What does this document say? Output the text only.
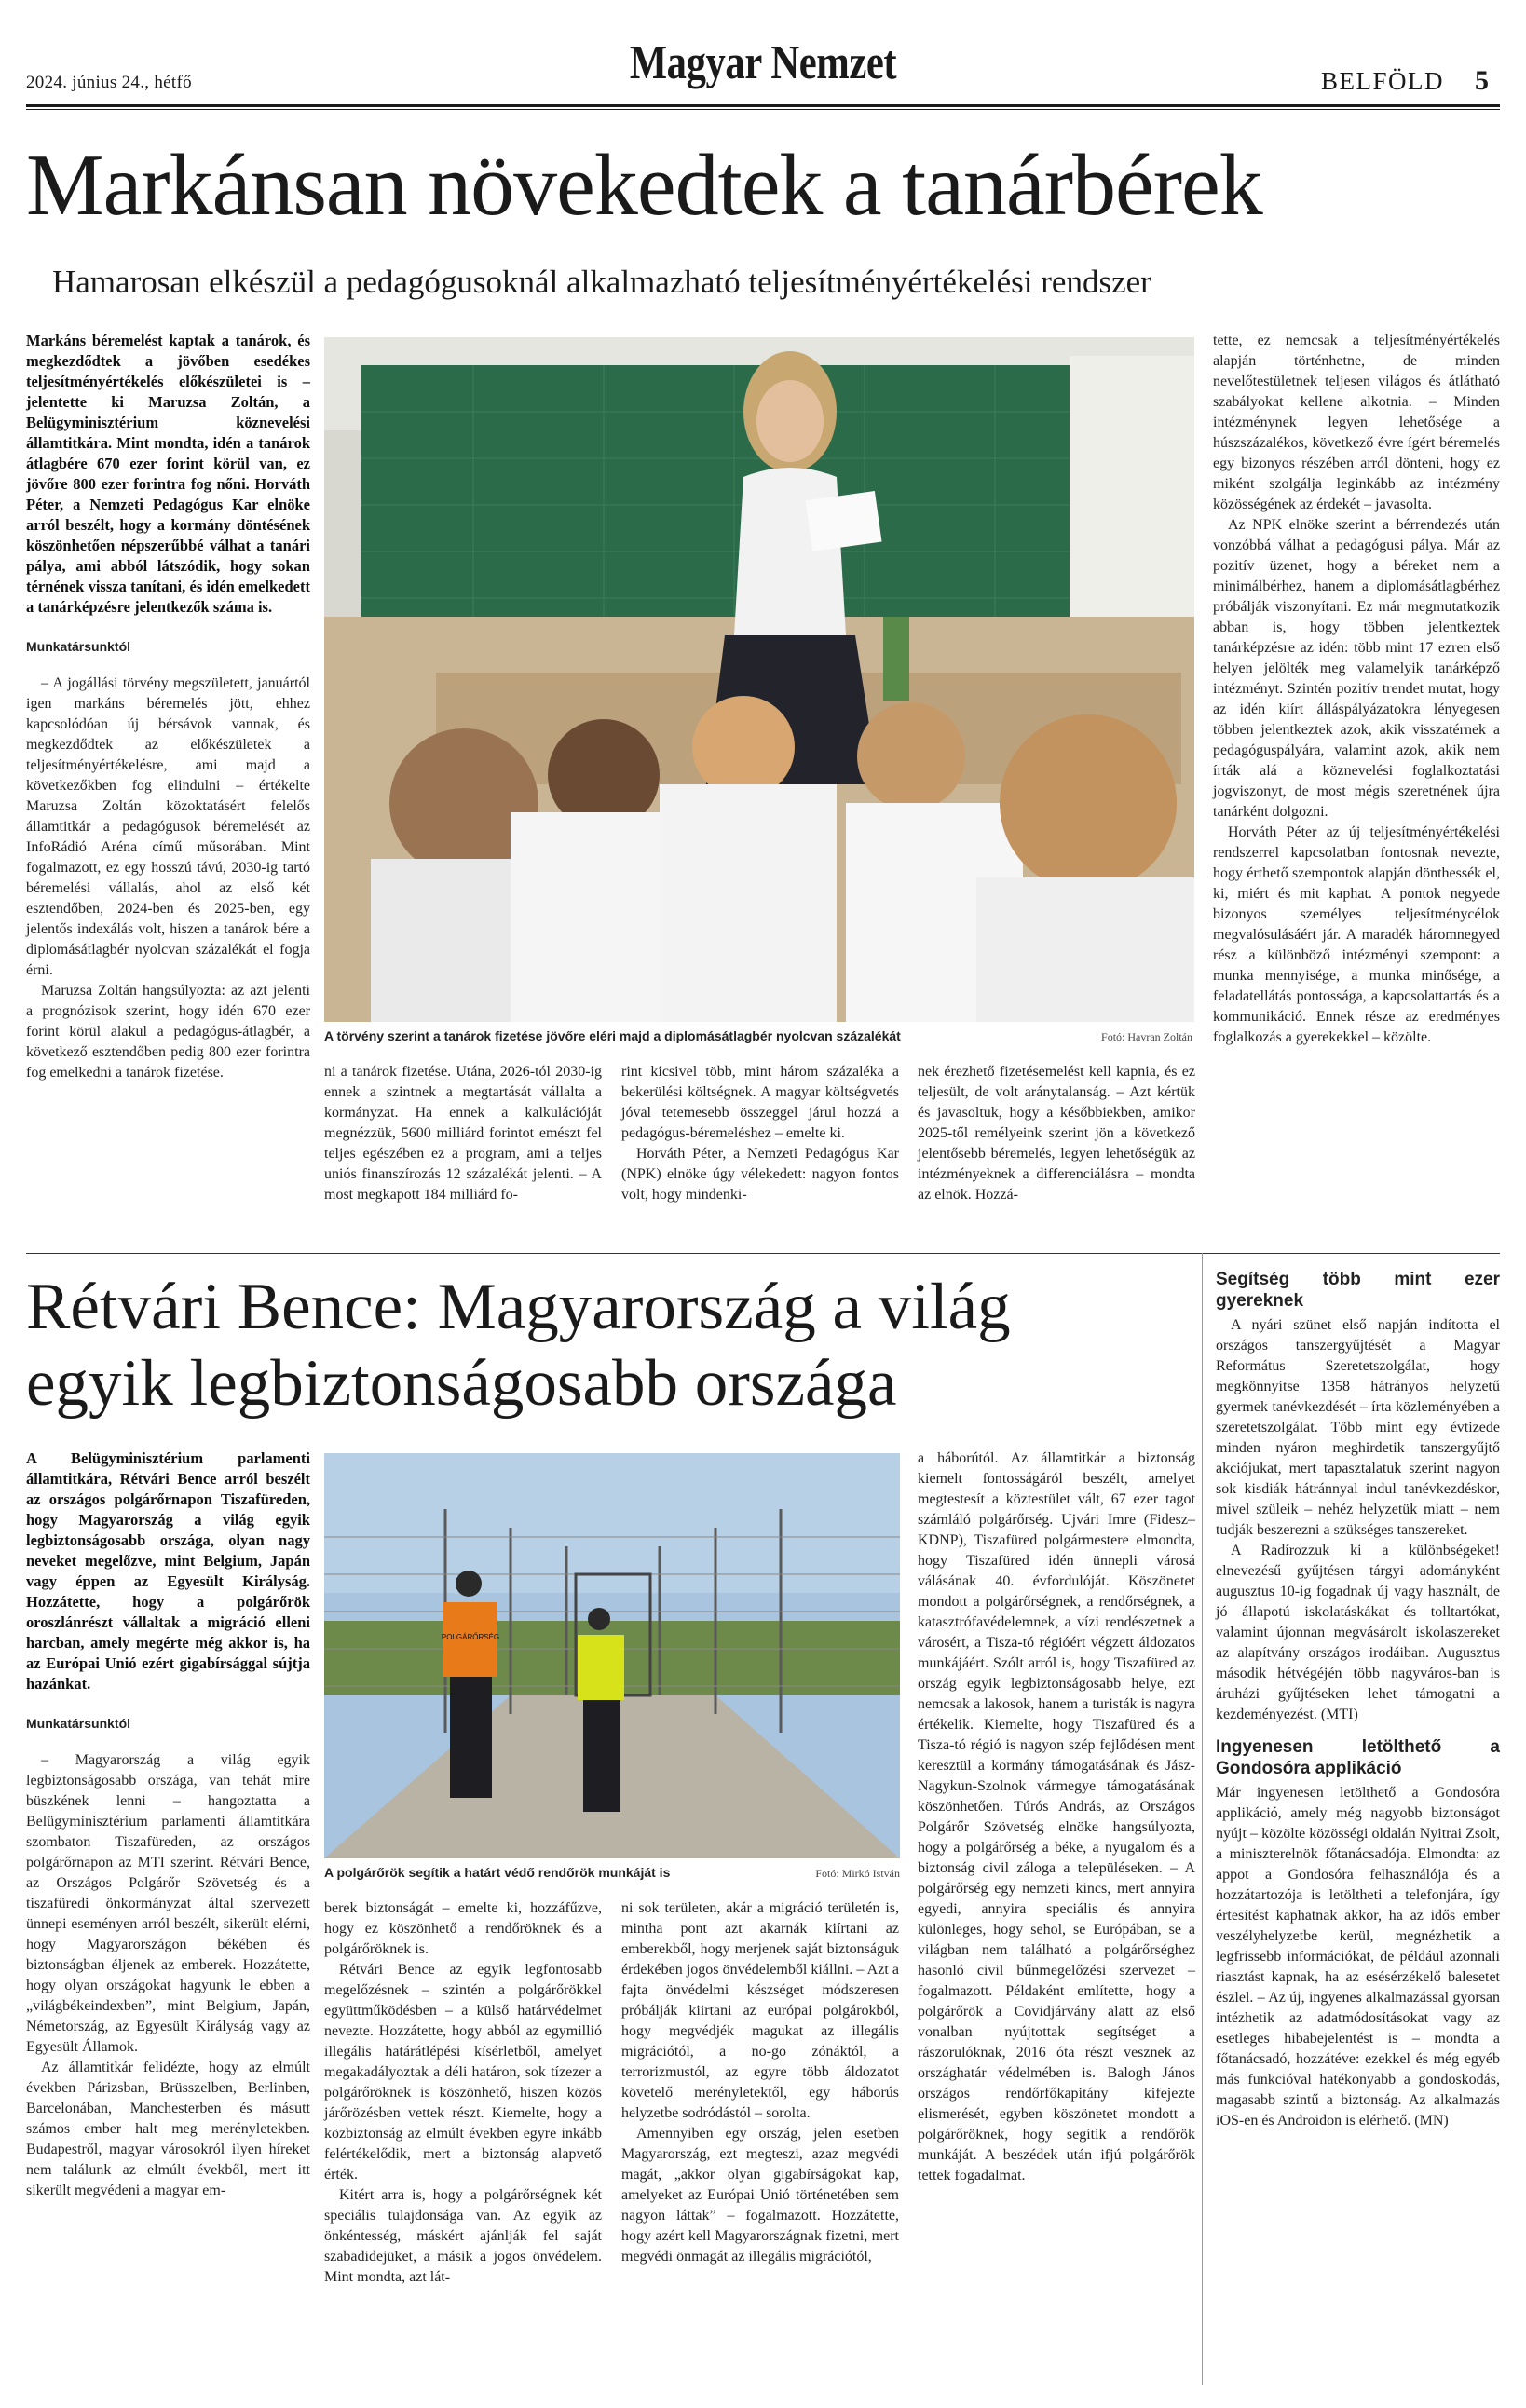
2024. június 24., hétfő	Magyar Nemzet	BELFÖLD 5
Markánsan növekedtek a tanárbérek
Hamarosan elkészül a pedagógusoknál alkalmazható teljesítményértékelési rendszer
Markáns béremelést kaptak a tanárok, és megkezdődtek a jövőben esedékes teljesítményértékelés előkészületei is – jelentette ki Maruzsa Zoltán, a Belügyminisztérium köznevelési államtitkára. Mint mondta, idén a tanárok átlagbére 670 ezer forint körül van, ez jövőre 800 ezer forintra fog nőni. Horváth Péter, a Nemzeti Pedagógus Kar elnöke arról beszélt, hogy a kormány döntésének köszönhetően népszerűbbé válhat a tanári pálya, ami abból látszódik, hogy sokan térnének vissza tanítani, és idén emelkedett a tanárképzésre jelentkezők száma is.
Munkatársunktól

– A jogállási törvény megszületett, januártól igen markáns béremelés jött, ehhez kapcsolódóan új bérsávok vannak, és megkezdődtek az előkészületek a teljesítményértékelésre, ami majd a következőkben fog elindulni – értékelte Maruzsa Zoltán közoktatásért felelős államtitkár a pedagógusok béremelését az InfoRádió Aréna című műsorában. Mint fogalmazott, ez egy hosszú távú, 2030-ig tartó béremelési vállalás, ahol az első két esztendőben, 2024-ben és 2025-ben, egy jelentős indexálás volt, hiszen a tanárok bére a diplomásátlagbér nyolcvan százalékát el fogja érni.

Maruzsa Zoltán hangsúlyozta: az azt jelenti a prognózisok szerint, hogy idén 670 ezer forint körül alakul a pedagógus-átlagbér, a következő esztendőben pedig 800 ezer forintra fog emelkedni a tanárok fizetése.

A törvény szerint a tanárok fizetése jövőre eléri majd a diplomásátlagbér nyolcvan százalékát	Fotó: Havran Zoltán

ni a tanárok fizetése. Utána, 2026-tól 2030-ig ennek a szintnek a megtartását vállalta a kormányzat. Ha ennek a kalkulációját megnézzük, 5600 milliárd forintot emészt fel teljes egészében ez a program, ami a teljes uniós finanszírozás 12 százalékát jelenti. – A most megkapott 184 milliárd fo-

rint kicsivel több, mint három százaléka a bekerülési költségnek. A magyar költségvetés jóval tetemesebb összeggel járul hozzá a pedagógus-béremeléshez – emelte ki.

Horváth Péter, a Nemzeti Pedagógus Kar (NPK) elnöke úgy vélekedett: nagyon fontos volt, hogy mindenki-

nek érezhető fizetésemelést kell kapnia, és ez teljesült, de volt aránytalanság. – Azt kértük és javasoltuk, hogy a későbbiekben, amikor 2025-től remélyeink szerint jön a következő jelentősebb béremelés, legyen lehetőségük az intézményeknek a differenciálásra – mondta az elnök. Hozzá-

tette, ez nemcsak a teljesítményértékelés alapján történhetne, de minden nevelőtestületnek teljesen világos és átlátható szabályokat kellene alkotnia. – Minden intézménynek legyen lehetősége a húszszázalékos, következő évre ígért béremelés egy bizonyos részében arról dönteni, hogy ez miként szolgálja leginkább az intézmény közösségének az érdekét – javasolta.

Az NPK elnöke szerint a bérrendezés után vonzóbbá válhat a pedagógusi pálya. Már az pozitív üzenet, hogy a béreket nem a minimálbérhez, hanem a diplomásátlagbérhez próbálják viszonyítani. Ez már megmutatkozik abban is, hogy többen jelentkeztek tanárképzésre az idén: több mint 17 ezren első helyen jelölték meg valamelyik tanárképző intézményt. Szintén pozitív trendet mutat, hogy az idén kiírt álláspályázatokra lényegesen többen jelentkeztek azok, akik visszatérnek a pedagóguspályára, valamint azok, akik nem írták alá a köznevelési foglalkoztatási jogviszonyt, de most mégis szeretnének újra tanárként dolgozni.

Horváth Péter az új teljesítményértékelési rendszerrel kapcsolatban fontosnak nevezte, hogy érthető szempontok alapján dönthessék el, ki, miért és mit kaphat. A pontok negyede bizonyos személyes teljesítménycélok megvalósulásáért jár. A maradék háromnegyed rész a különböző intézményi szempont: a munka mennyisége, a munka minősége, a feladatellátás pontossága, a kapcsolattartás és a kommunikáció. Ennek része az eredményes foglalkozás a gyerekekkel – közölte.

Rétvári Bence: Magyarország a világ
egyik legbiztonságosabb országa
A Belügyminisztérium parlamenti államtitkára, Rétvári Bence arról beszélt az országos polgárőrnapon Tiszafüreden, hogy Magyarország a világ egyik legbiztonságosabb országa, olyan nagy neveket megelőzve, mint Belgium, Japán vagy éppen az Egyesült Királyság. Hozzátette, hogy a polgárőrök oroszlánrészt vállaltak a migráció elleni harcban, amely megérte még akkor is, ha az Európai Unió ezért gigabírsággal sújtja hazánkat.
Munkatársunktól

– Magyarország a világ egyik legbiztonságosabb országa, van tehát mire büszkének lenni – hangoztatta a Belügyminisztérium parlamenti államtitkára szombaton Tiszafüreden, az országos polgárőrnapon az MTI szerint. Rétvári Bence, az Országos Polgárőr Szövetség és a tiszafüredi önkormányzat által szervezett ünnepi eseményen arról beszélt, sikerült elérni, hogy Magyarországon békében és biztonságban éljenek az emberek. Hozzátette, hogy olyan országokat hagyunk le ebben a „világbékeindexben”, mint Belgium, Japán, Németország, az Egyesült Királyság vagy az Egyesült Államok.

Az államtitkár felidézte, hogy az elmúlt években Párizsban, Brüsszelben, Berlinben, Barcelonában, Manchesterben és másutt számos ember halt meg merényletekben. Budapestről, magyar városokról ilyen híreket nem találunk az elmúlt évekből, mert itt sikerült megvédeni a magyar em-

POLGÁRŐRSÉG
A polgárőrök segítik a határt védő rendőrök munkáját is	Fotó: Mirkó István

berek biztonságát – emelte ki, hozzáfűzve, hogy ez köszönhető a rendőröknek és a polgárőröknek is.

Rétvári Bence az egyik legfontosabb megelőzésnek – szintén a polgárőrökkel együttműködésben – a külső határvédelmet nevezte. Hozzátette, hogy abból az egymillió illegális határátlépési kísérletből, amelyet megakadályoztak a déli határon, sok tízezer a polgárőröknek is köszönhető, hiszen közös járőrözésben vettek részt. Kiemelte, hogy a közbiztonság az elmúlt években egyre inkább felértékelődik, mert a biztonság alapvető érték.

Kitért arra is, hogy a polgárőrségnek két speciális tulajdonsága van. Az egyik az önkéntesség, máskért ajánlják fel saját szabadidejüket, a másik a jogos önvédelem. Mint mondta, azt lát-

ni sok területen, akár a migráció területén is, mintha pont azt akarnák kiírtani az emberekből, hogy merjenek saját biztonságuk érdekében jogos önvédelemből kiállni. – Azt a fajta önvédelmi készséget módszeresen próbálják kiirtani az európai polgárokból, hogy megvédjék magukat az illegális migrációtól, a no-go zónáktól, a terrorizmustól, az egyre több áldozatot követelő merényletektől, egy háborús helyzetbe sodródástól – sorolta.

Amennyiben egy ország, jelen esetben Magyarország, ezt megteszi, azaz megvédi magát, „akkor olyan gigabírságokat kap, amelyeket az Európai Unió történetében sem nagyon láttak” – fogalmazott. Hozzátette, hogy azért kell Magyarországnak fizetni, mert megvédi önmagát az illegális migrációtól,

a háborútól. Az államtitkár a biztonság kiemelt fontosságáról beszélt, amelyet megtestesít a köztestület vált, 67 ezer tagot számláló polgárőrség. Ujvári Imre (Fidesz–KDNP), Tiszafüred polgármestere elmondta, hogy Tiszafüred idén ünnepli városá válásának 40. évfordulóját. Köszönetet mondott a polgárőrségnek, a rendőrségnek, a katasztrófavédelemnek, a vízi rendészetnek a városért, a Tisza-tó régióért végzett áldozatos munkájáért. Szólt arról is, hogy Tiszafüred az ország egyik legbiztonságosabb helye, ezt nemcsak a lakosok, hanem a turisták is nagyra értékelik. Kiemelte, hogy Tiszafüred és a Tisza-tó régió is nagyon szép fejlődésen ment keresztül a kormány támogatásának és Jász-Nagykun-Szolnok vármegye támogatásának köszönhetően. Túrós András, az Országos Polgárőr Szövetség elnöke hangsúlyozta, hogy a polgárőrség a béke, a nyugalom és a biztonság civil záloga a településeken. – A polgárőrség egy nemzeti kincs, mert annyira egyedi, annyira speciális és annyira különleges, hogy sehol, se Európában, se a világban nem található a polgárőrséghez hasonló civil bűnmegelőzési szervezet – fogalmazott. Példaként említette, hogy a polgárőrök a Covidjárvány alatt az első vonalban nyújtottak segítséget a rászorulóknak, 2016 óta részt vesznek az országhatár védelmében is. Balogh János országos rendőrfőkapitány kifejezte elismerését, egyben köszönetet mondott a polgárőröknek, hogy segítik a rendőrök munkáját. A beszédek után ifjú polgárőrök tettek fogadalmat.

Segítség több mint ezer gyereknek

A nyári szünet első napján indította el országos tanszergyűjtését a Magyar Református Szeretetszolgálat, hogy megkönnyítse 1358 hátrányos helyzetű gyermek tanévkezdését – írta közleményében a szeretetszolgálat. Több mint egy évtizede minden nyáron meghirdetik tanszergyűjtő akciójukat, mert tapasztalatuk szerint nagyon sok kisdiák hátránnyal indul tanévkezdéskor, mivel szüleik – nehéz helyzetük miatt – nem tudják beszerezni a szükséges tanszereket.

A Radírozzuk ki a különbségeket! elnevezésű gyűjtésen tárgyi adományként augusztus 10-ig fogadnak új vagy használt, de jó állapotú iskolatáskákat és tolltartókat, valamint újonnan megvásárolt iskolaszereket az alapítvány országos irodáiban. Augusztus második hétvégéjén több nagyváros-ban is áruházi gyűjtéseken lehet támogatni a kezdeményezést. (MTI)

Ingyenesen letölthető a Gondosóra applikáció

Már ingyenesen letölthető a Gondosóra applikáció, amely még nagyobb biztonságot nyújt – közölte közösségi oldalán Nyitrai Zsolt, a miniszterelnök főtanácsadója. Elmondta: az appot a Gondosóra felhasználója és a hozzátartozója is letöltheti a telefonjára, így értesítést kaphatnak akkor, ha az idős ember veszélyhelyzetbe kerül, megnézhetik a legfrissebb információkat, de például azonnali riasztást kapnak, ha az esésérzékelő balesetet észlel. – Az új, ingyenes alkalmazással gyorsan intézhetik az adatmódosításokat vagy az esetleges hibabejelentést is – mondta a főtanácsadó, hozzátéve: ezekkel és még egyéb más funkcióval hatékonyabb a gondoskodás, magasabb szintű a biztonság. Az alkalmazás iOS-en és Androidon is elérhető. (MN)
